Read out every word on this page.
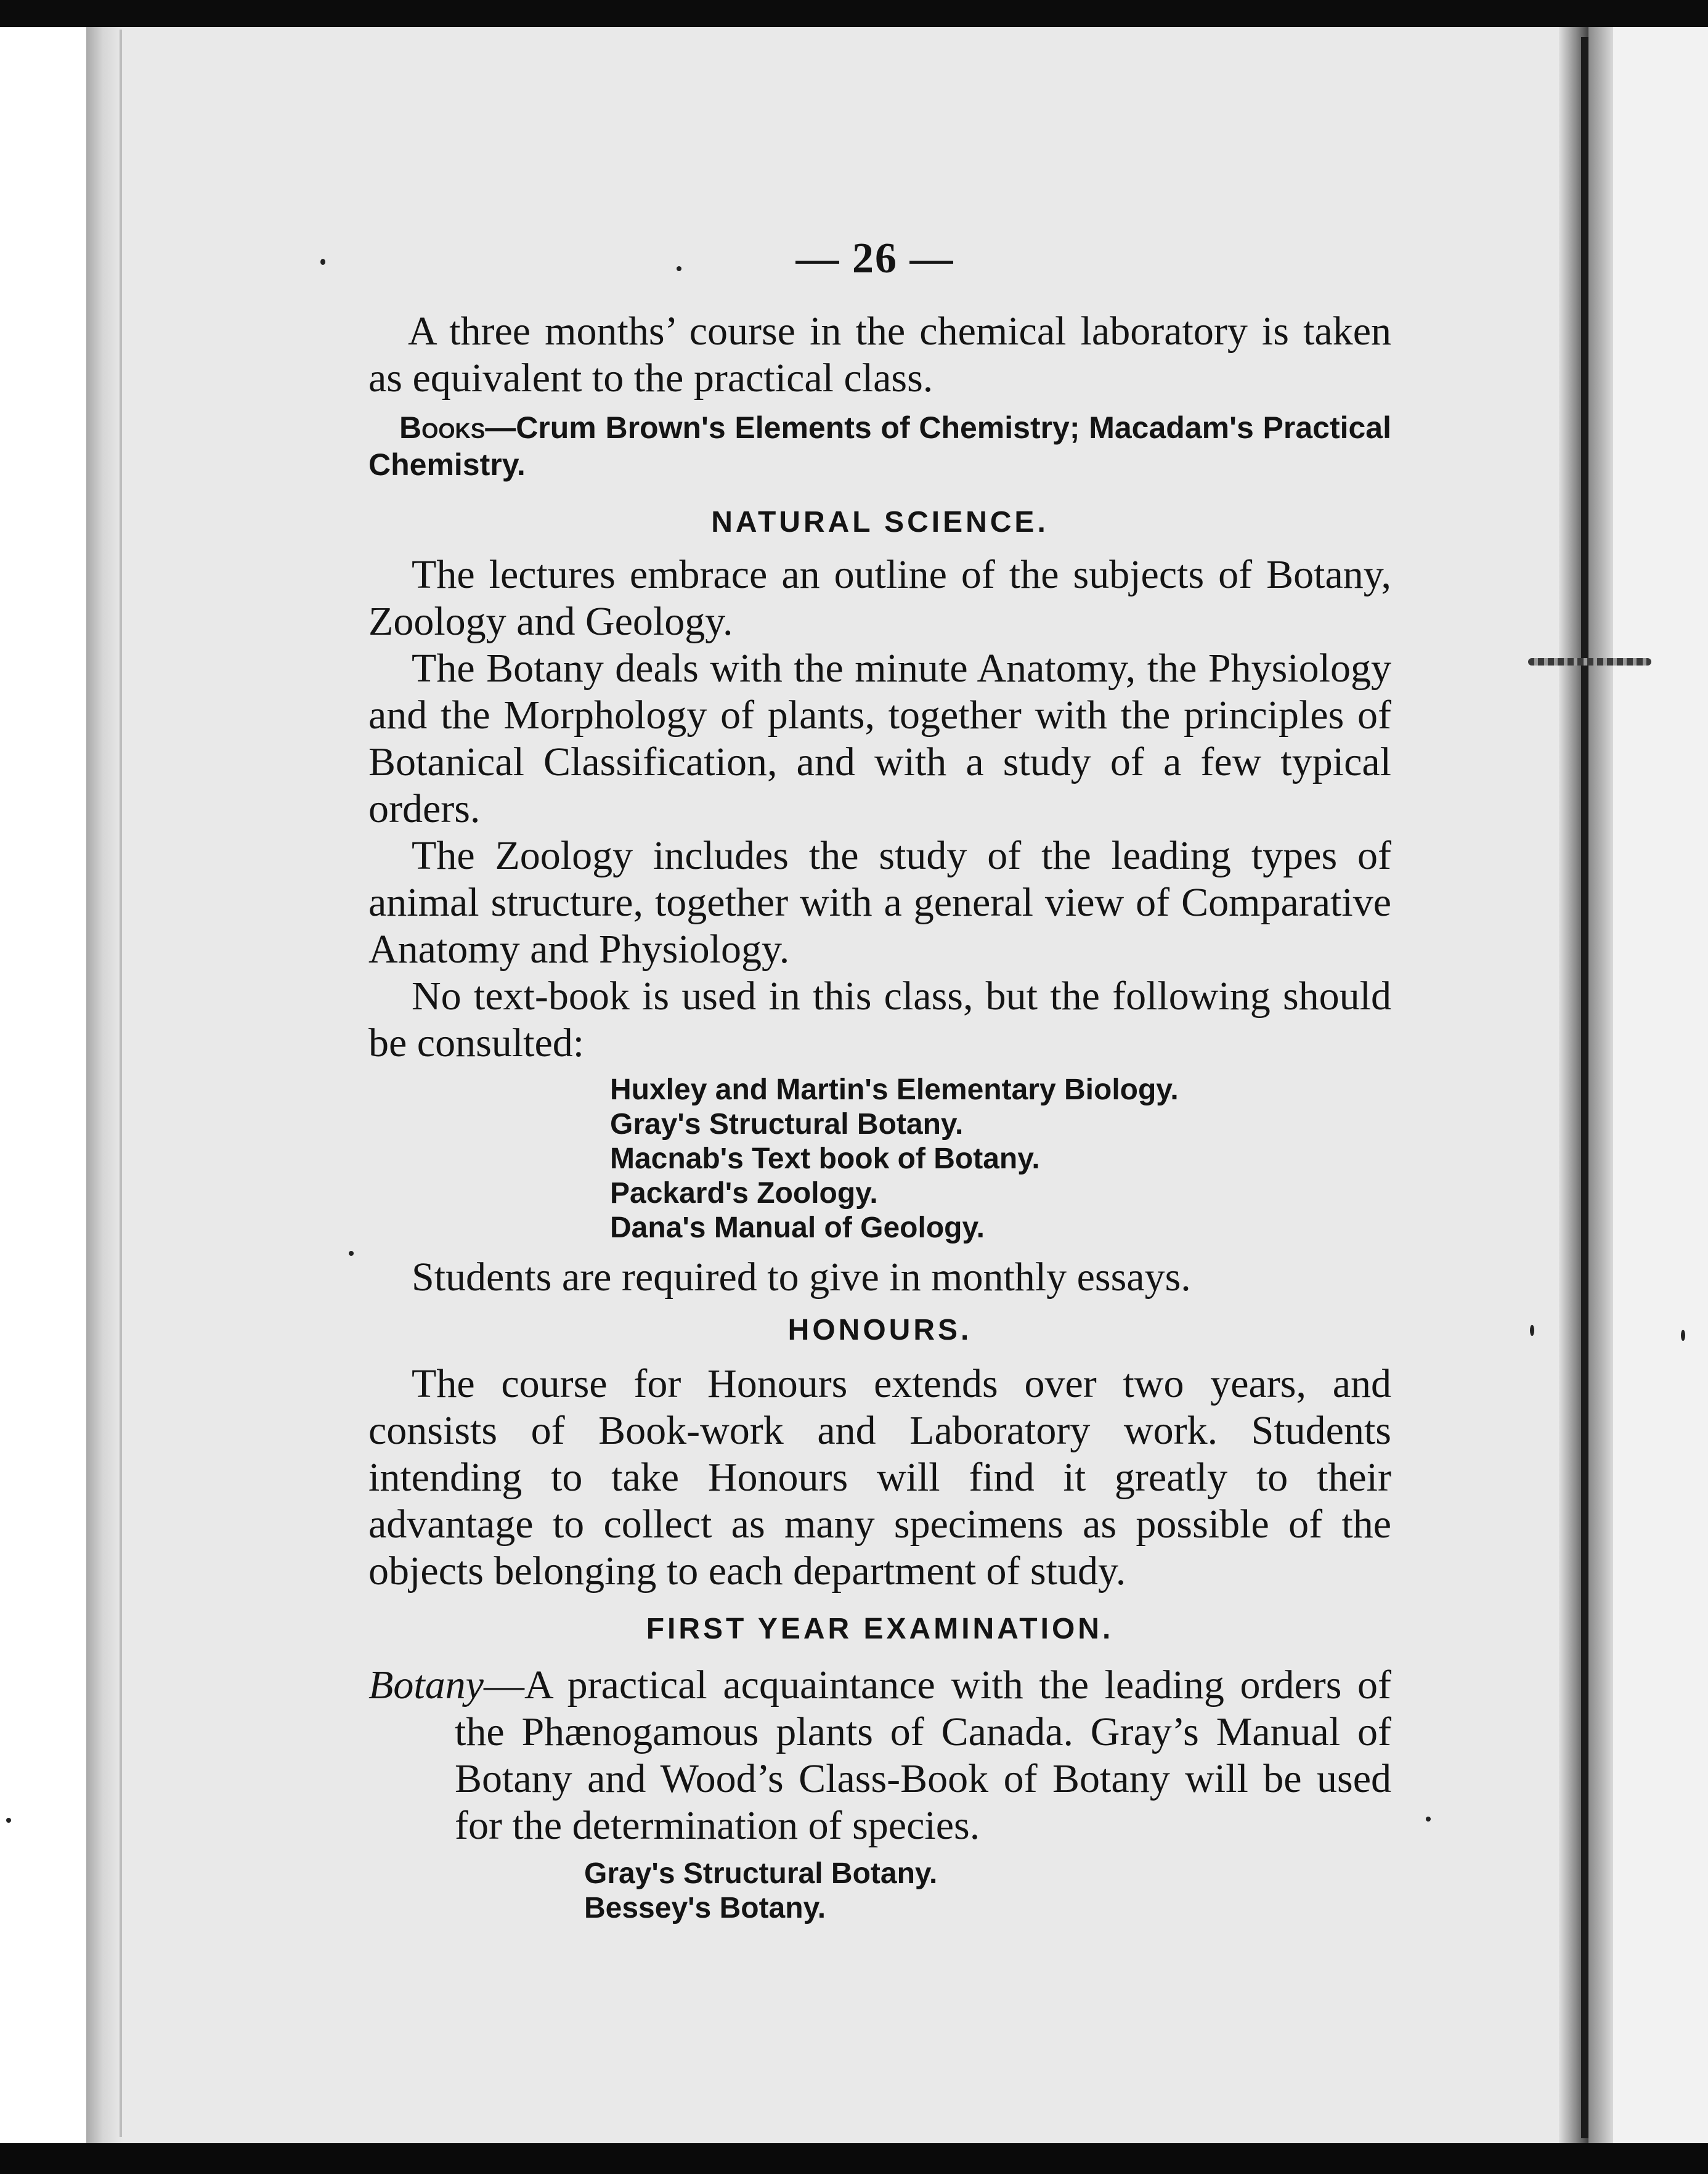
— 26 —

A three months’ course in the chemical laboratory is taken as equivalent to the practical class.

Books—Crum Brown's Elements of Chemistry; Macadam's Practical Chemistry.

NATURAL SCIENCE.

The lectures embrace an outline of the subjects of Botany, Zoology and Geology.

The Botany deals with the minute Anatomy, the Physiology and the Morphology of plants, together with the principles of Botanical Classification, and with a study of a few typical orders.

The Zoology includes the study of the leading types of animal structure, together with a general view of Comparative Anatomy and Physiology.

No text-book is used in this class, but the following should be consulted:

Huxley and Martin's Elementary Biology.
Gray's Structural Botany.
Macnab's Text book of Botany.
Packard's Zoology.
Dana's Manual of Geology.

Students are required to give in monthly essays.

HONOURS.

The course for Honours extends over two years, and consists of Book-work and Laboratory work. Students intending to take Honours will find it greatly to their advantage to collect as many specimens as possible of the objects belonging to each department of study.

FIRST YEAR EXAMINATION.

Botany—A practical acquaintance with the leading orders of the Phænogamous plants of Canada. Gray’s Manual of Botany and Wood’s Class-Book of Botany will be used for the determination of species.

Gray's Structural Botany.
Bessey's Botany.
